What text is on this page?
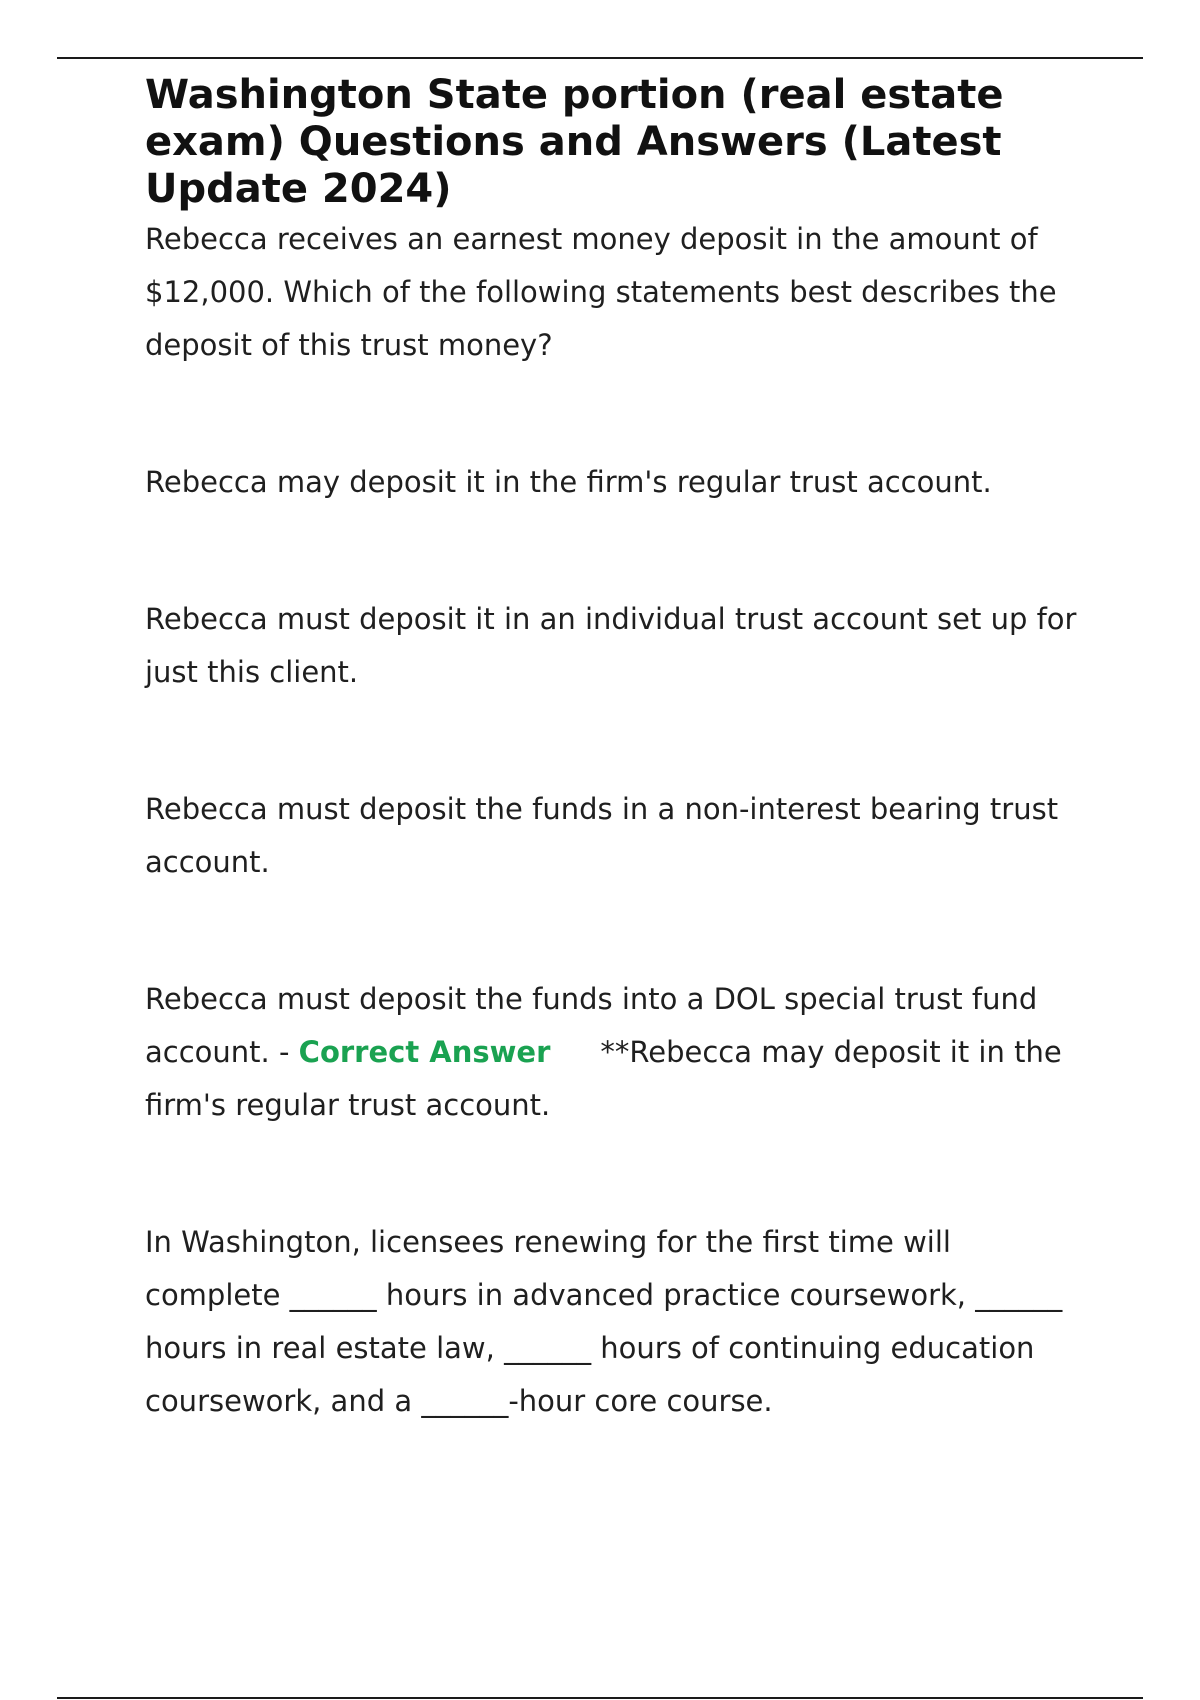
Washington State portion (real estate exam) Questions and Answers (Latest Update 2024)

Rebecca receives an earnest money deposit in the amount of $12,000. Which of the following statements best describes the deposit of this trust money?

Rebecca may deposit it in the firm's regular trust account.

Rebecca must deposit it in an individual trust account set up for just this client.

Rebecca must deposit the funds in a non-interest bearing trust account.

Rebecca must deposit the funds into a DOL special trust fund account. - Correct Answer **Rebecca may deposit it in the firm's regular trust account.

In Washington, licensees renewing for the first time will complete ______ hours in advanced practice coursework, ______ hours in real estate law, ______ hours of continuing education coursework, and a ______-hour core course.
